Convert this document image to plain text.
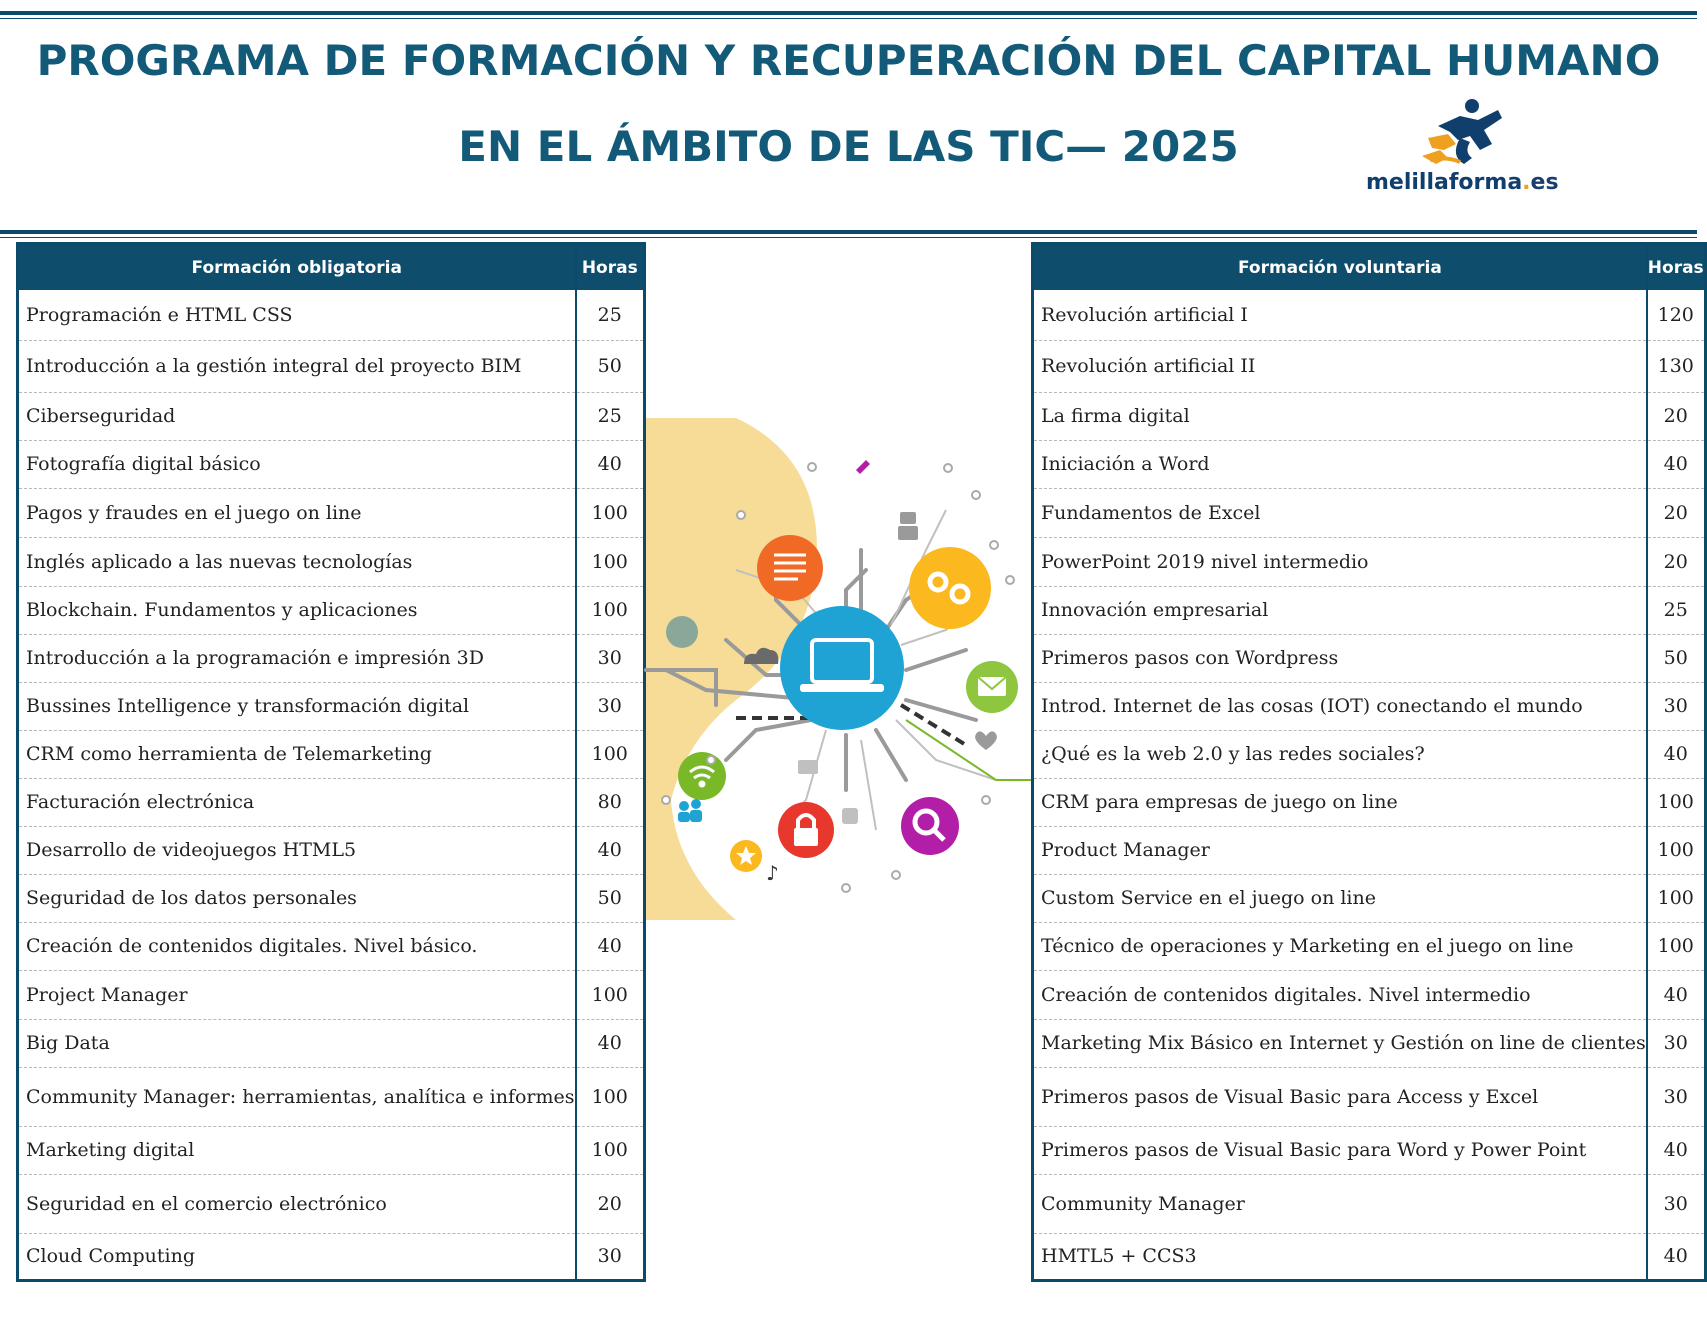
PROGRAMA DE FORMACIÓN Y RECUPERACIÓN DEL CAPITAL HUMANO
EN EL ÁMBITO DE LAS TIC— 2025
melillaforma.es
Formación obligatoria	Horas
Programación e HTML CSS	25
Introducción a la gestión integral del proyecto BIM	50
Ciberseguridad	25
Fotografía digital básico	40
Pagos y fraudes en el juego on line	100
Inglés aplicado a las nuevas tecnologías	100
Blockchain. Fundamentos y aplicaciones	100
Introducción a la programación e impresión 3D	30
Bussines Intelligence y transformación digital	30
CRM como herramienta de Telemarketing	100
Facturación electrónica	80
Desarrollo de videojuegos HTML5	40
Seguridad de los datos personales	50
Creación de contenidos digitales. Nivel básico.	40
Project Manager	100
Big Data	40
Community Manager: herramientas, analítica e informes	100
Marketing digital	100
Seguridad en el comercio electrónico	20
Cloud Computing	30
♪
Formación voluntaria	Horas
Revolución artificial I	120
Revolución artificial II	130
La firma digital	20
Iniciación a Word	40
Fundamentos de Excel	20
PowerPoint 2019 nivel intermedio	20
Innovación empresarial	25
Primeros pasos con Wordpress	50
Introd. Internet de las cosas (IOT) conectando el mundo	30
¿Qué es la web 2.0 y las redes sociales?	40
CRM para empresas de juego on line	100
Product Manager	100
Custom Service en el juego on line	100
Técnico de operaciones y Marketing en el juego on line	100
Creación de contenidos digitales. Nivel intermedio	40
Marketing Mix Básico en Internet y Gestión on line de clientes	30
Primeros pasos de Visual Basic para Access y Excel	30
Primeros pasos de Visual Basic para Word y Power Point	40
Community Manager	30
HMTL5 + CCS3	40
